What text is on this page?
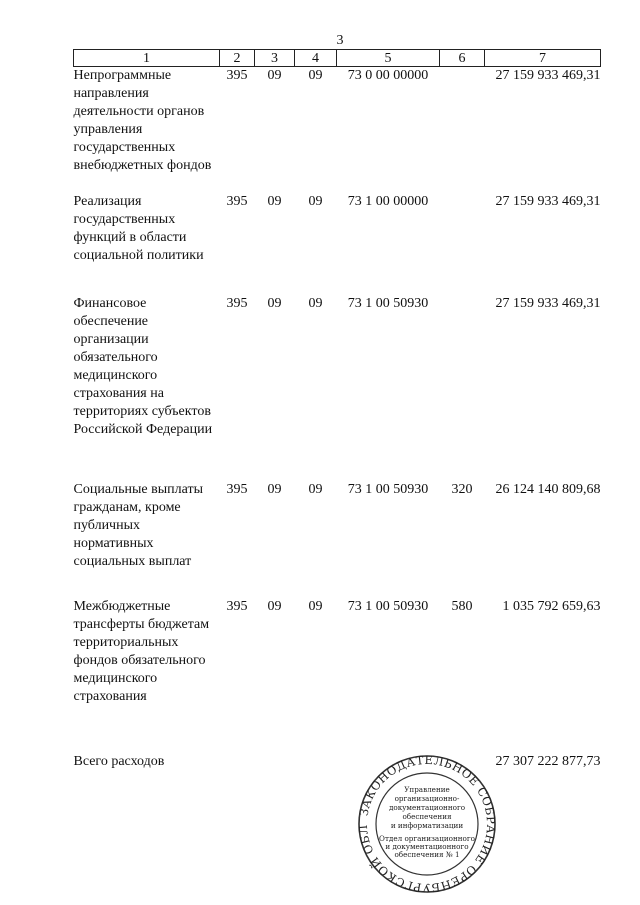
3
1	2	3	4	5	6	7
Непрограммные направления деятельности органов управления государственных внебюджетных фондов	395	09	09	73 0 00 00000		27 159 933 469,31
Реализация государственных функций в области социальной политики	395	09	09	73 1 00 00000		27 159 933 469,31
Финансовое обеспечение организации обязательного медицинского страхования на территориях субъектов Российской Федерации	395	09	09	73 1 00 50930		27 159 933 469,31
Социальные выплаты гражданам, кроме публичных нормативных социальных выплат	395	09	09	73 1 00 50930	320	26 124 140 809,68
Межбюджетные трансферты бюджетам территориальных фондов обязательного медицинского страхования	395	09	09	73 1 00 50930	580	1 035 792 659,63
Всего расходов						27 307 222 877,73
ЗАКОНОДАТЕЛЬНОЕ СОБРАНИЕ ОРЕНБУРГСКОЙ ОБЛ
Управление
организационно-
документационного
обеспечения
и информатизации
Отдел организационного
и документационного
обеспечения № 1
